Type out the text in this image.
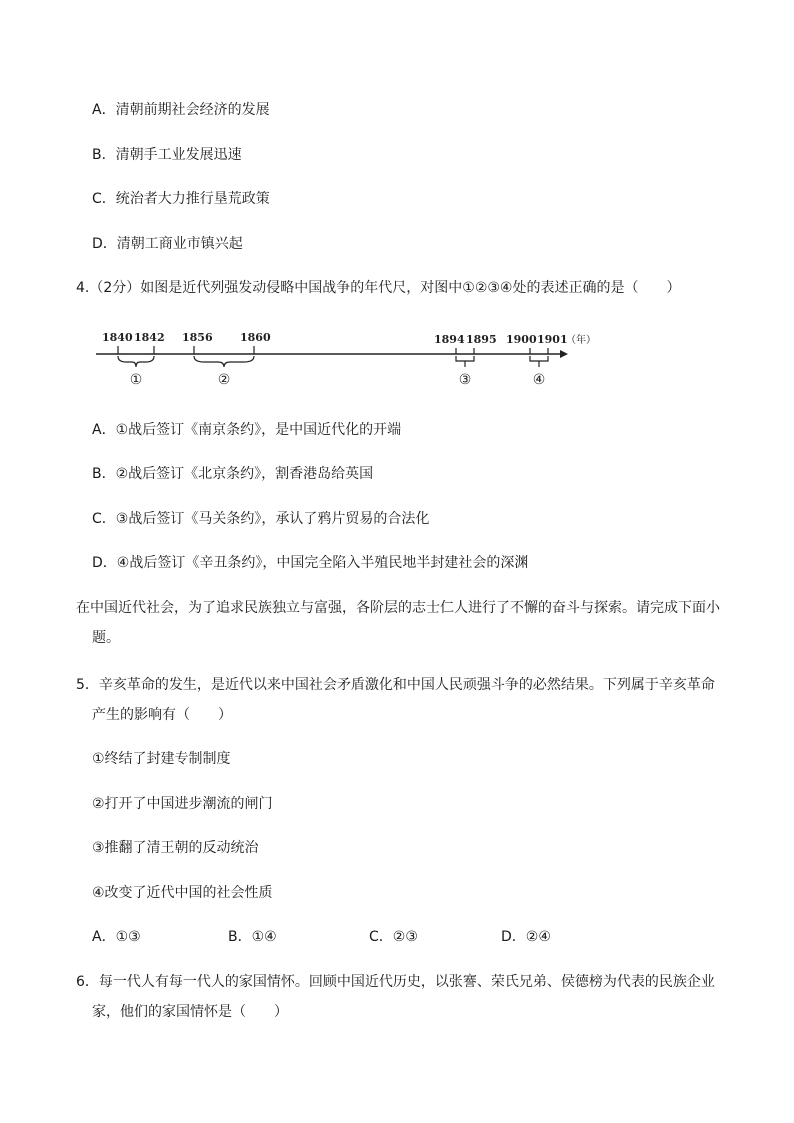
A．清朝前期社会经济的发展
B．清朝手工业发展迅速
C．统治者大力推行垦荒政策
D．清朝工商业市镇兴起
4.（2分）如图是近代列强发动侵略中国战争的年代尺，对图中①②③④处的表述正确的是（　　）
1840 1842 1856 1860	1894 1895 1900 1901
（年）
①	②	③	④
A．①战后签订《南京条约》，是中国近代化的开端
B．②战后签订《北京条约》，割香港岛给英国
C．③战后签订《马关条约》，承认了鸦片贸易的合法化
D．④战后签订《辛丑条约》，中国完全陷入半殖民地半封建社会的深渊
在中国近代社会，为了追求民族独立与富强，各阶层的志士仁人进行了不懈的奋斗与探索。请完成下面小
题。
5．辛亥革命的发生，是近代以来中国社会矛盾激化和中国人民顽强斗争的必然结果。下列属于辛亥革命
产生的影响有（　　）
①终结了封建专制制度
②打开了中国进步潮流的闸门
③推翻了清王朝的反动统治
④改变了近代中国的社会性质
A．①③	B．①④	C．②③	D．②④
6．每一代人有每一代人的家国情怀。回顾中国近代历史，以张謇、荣氏兄弟、侯德榜为代表的民族企业
家，他们的家国情怀是（　　）
